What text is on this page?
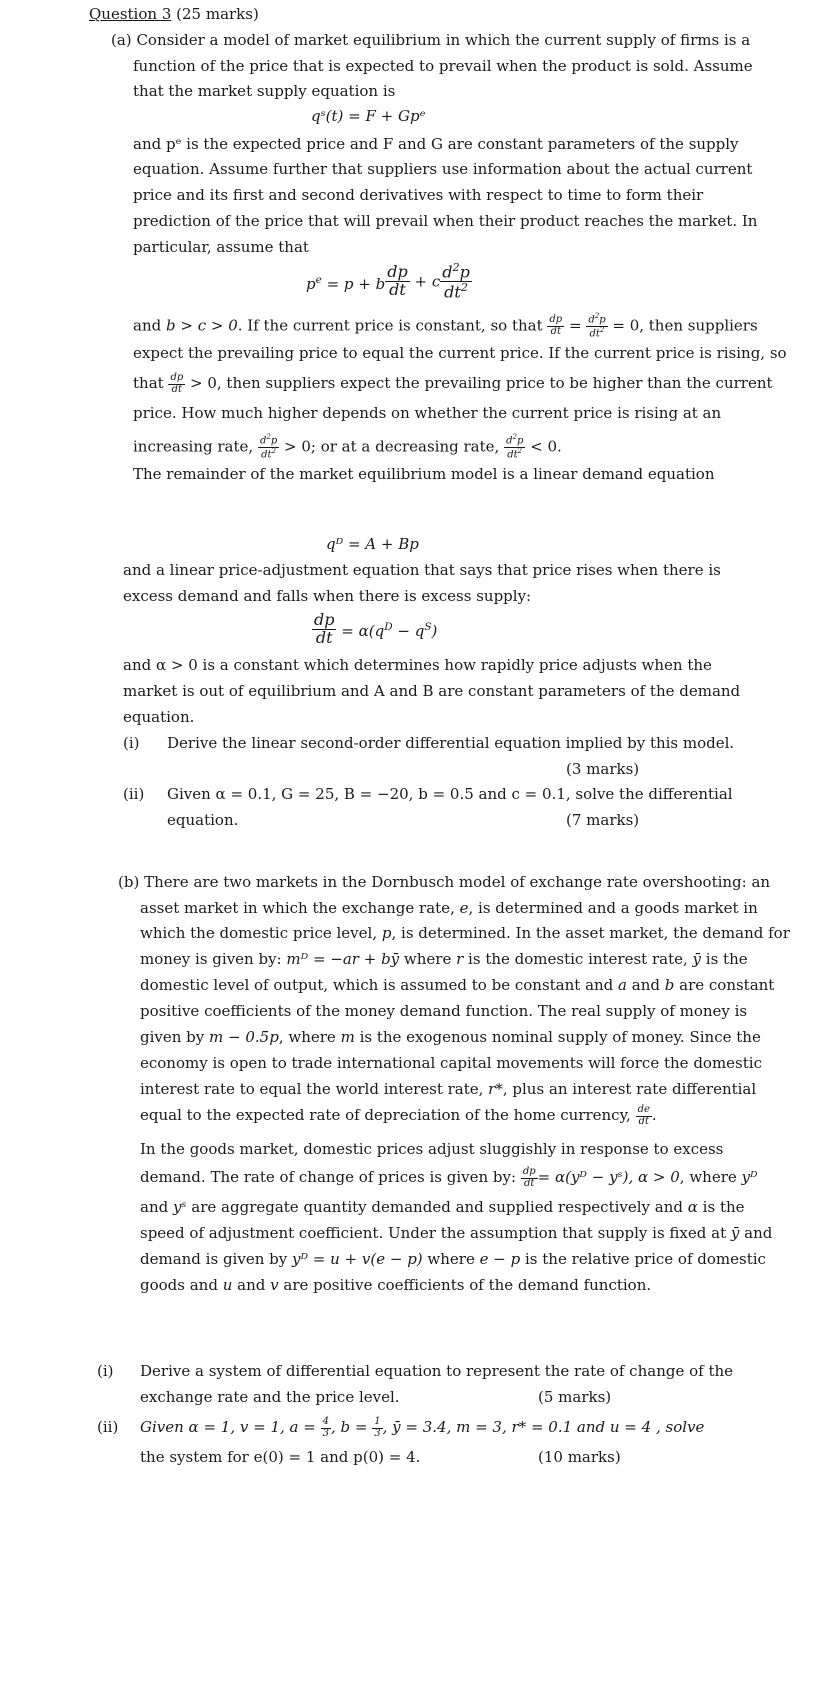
Question 3 (25 marks)
(a) Consider a model of market equilibrium in which the current supply of firms is a
function of the price that is expected to prevail when the product is sold. Assume
that the market supply equation is
qˢ(t) = F + Gpᵉ
and pᵉ is the expected price and F and G are constant parameters of the supply
equation. Assume further that suppliers use information about the actual current
price and its first and second derivatives with respect to time to form their
prediction of the price that will prevail when their product reaches the market. In
particular, assume that
$p^e = p + b \frac{dp}{dt} + c \frac{d^2p}{dt^2}$
and b > c > 0. If the current price is constant, so that $\frac{dp}{dt} = \frac{d^2p}{dt^2} = 0$, then suppliers
expect the prevailing price to equal the current price. If the current price is rising, so
that $\frac{dp}{dt} > 0$, then suppliers expect the prevailing price to be higher than the current
price. How much higher depends on whether the current price is rising at an
increasing rate, $\frac{d^2p}{dt^2} > 0$; or at a decreasing rate, $\frac{d^2p}{dt^2} < 0$.
The remainder of the market equilibrium model is a linear demand equation
qᴰ = A + Bp
and a linear price-adjustment equation that says that price rises when there is
excess demand and falls when there is excess supply:
$\frac{dp}{dt} = \alpha(q^D - q^S)$
and α > 0 is a constant which determines how rapidly price adjusts when the
market is out of equilibrium and A and B are constant parameters of the demand
equation.
(i) Derive the linear second-order differential equation implied by this model.
(3 marks)
(ii) Given α = 0.1, G = 25, B = −20, b = 0.5 and c = 0.1, solve the differential
equation.	(7 marks)
(b) There are two markets in the Dornbusch model of exchange rate overshooting: an
asset market in which the exchange rate, e, is determined and a goods market in
which the domestic price level, p, is determined. In the asset market, the demand for
money is given by: mᴰ = −ar + bȳ where r is the domestic interest rate, ȳ is the
domestic level of output, which is assumed to be constant and a and b are constant
positive coefficients of the money demand function. The real supply of money is
given by m − 0.5p, where m is the exogenous nominal supply of money. Since the
economy is open to trade international capital movements will force the domestic
interest rate to equal the world interest rate, r*, plus an interest rate differential
equal to the expected rate of depreciation of the home currency, $\frac{de}{dt}$ .
In the goods market, domestic prices adjust sluggishly in response to excess
demand. The rate of change of prices is given by: $\frac{dp}{dt}$ = α(yᴰ − yˢ), α > 0, where yᴰ
and yˢ are aggregate quantity demanded and supplied respectively and α is the
speed of adjustment coefficient. Under the assumption that supply is fixed at ȳ and
demand is given by yᴰ = u + v(e − p) where e − p is the relative price of domestic
goods and u and v are positive coefficients of the demand function.
(i) Derive a system of differential equation to represent the rate of change of the
exchange rate and the price level.	(5 marks)
(ii) Given α = 1, v = 1, $a = \frac{4}{3}$ , $b = \frac{1}{3}$ , ȳ = 3.4, m = 3, r* = 0.1 and u = 4 , solve
the system for e(0) = 1 and p(0) = 4.	(10 marks)
